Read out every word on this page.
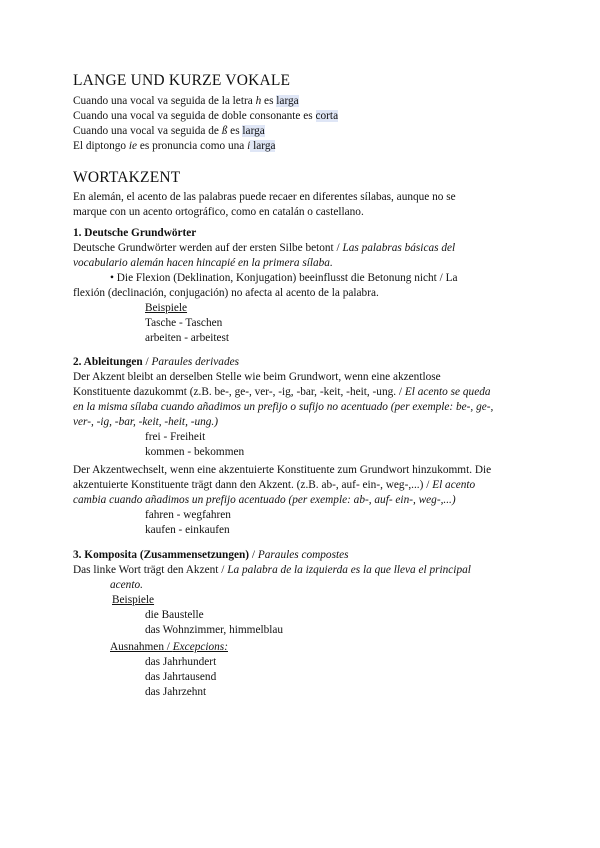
LANGE UND KURZE VOKALE
Cuando una vocal va seguida de la letra h es larga
Cuando una vocal va seguida de doble consonante es corta
Cuando una vocal va seguida de ß es larga
El diptongo ie es pronuncia como una i larga
WORTAKZENT
En alemán, el acento de las palabras puede recaer en diferentes sílabas, aunque no se
marque con un acento ortográfico, como en catalán o castellano.
1. Deutsche Grundwörter
Deutsche Grundwörter werden auf der ersten Silbe betont / Las palabras básicas del
vocabulario alemán hacen hincapié en la primera sílaba.
• Die Flexion (Deklination, Konjugation) beeinflusst die Betonung nicht / La
flexión (declinación, conjugación) no afecta al acento de la palabra.
Beispiele
Tasche - Taschen
arbeiten - arbeitest
2. Ableitungen / Paraules derivades
Der Akzent bleibt an derselben Stelle wie beim Grundwort, wenn eine akzentlose
Konstituente dazukommt (z.B. be-, ge-, ver-, -ig, -bar, -keit, -heit, -ung. / El acento se queda
en la misma sílaba cuando añadimos un prefijo o sufijo no acentuado (per exemple: be-, ge-,
ver-, -ig, -bar, -keit, -heit, -ung.)
frei - Freiheit
kommen - bekommen
Der Akzentwechselt, wenn eine akzentuierte Konstituente zum Grundwort hinzukommt. Die
akzentuierte Konstituente trägt dann den Akzent. (z.B. ab-, auf- ein-, weg-,...) / El acento
cambia cuando añadimos un prefijo acentuado (per exemple: ab-, auf- ein-, weg-,...)
fahren - wegfahren
kaufen - einkaufen
3. Komposita (Zusammensetzungen) / Paraules compostes
Das linke Wort trägt den Akzent / La palabra de la izquierda es la que lleva el principal
acento.
Beispiele
die Baustelle
das Wohnzimmer, himmelblau
Ausnahmen / Excepcions:
das Jahrhundert
das Jahrtausend
das Jahrzehnt
